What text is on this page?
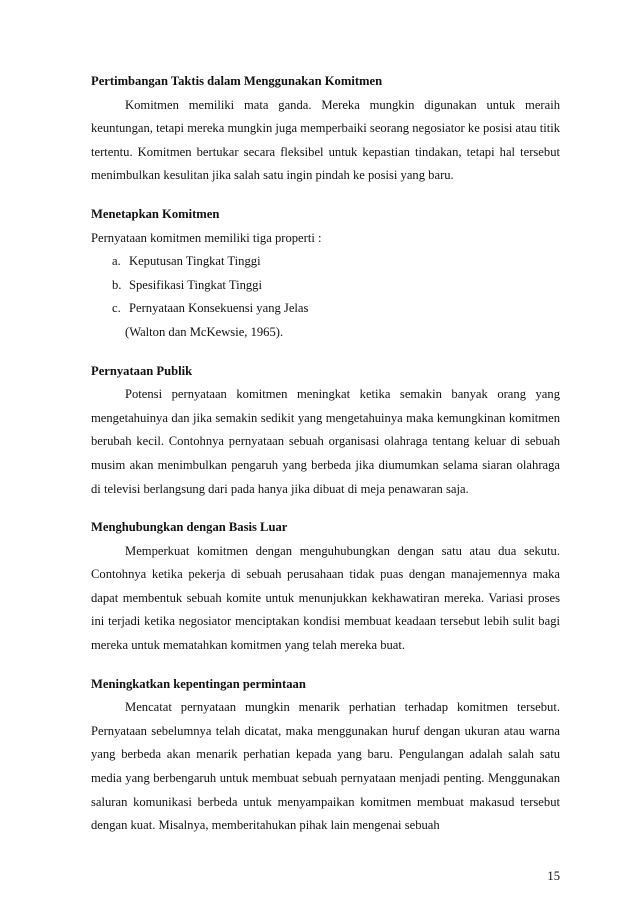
Pertimbangan Taktis dalam Menggunakan Komitmen
Komitmen memiliki mata ganda. Mereka mungkin digunakan untuk meraih keuntungan, tetapi mereka mungkin juga memperbaiki seorang negosiator ke posisi atau titik tertentu. Komitmen bertukar secara fleksibel untuk kepastian tindakan, tetapi hal tersebut menimbulkan kesulitan jika salah satu ingin pindah ke posisi yang baru.
Menetapkan Komitmen
Pernyataan komitmen memiliki tiga properti :
a. Keputusan Tingkat Tinggi
b. Spesifikasi Tingkat Tinggi
c. Pernyataan Konsekuensi yang Jelas
(Walton dan McKewsie, 1965).
Pernyataan Publik
Potensi pernyataan komitmen meningkat ketika semakin banyak orang yang mengetahuinya dan jika semakin sedikit yang mengetahuinya maka kemungkinan komitmen berubah kecil. Contohnya pernyataan sebuah organisasi olahraga tentang keluar di sebuah musim akan menimbulkan pengaruh yang berbeda jika diumumkan selama siaran olahraga di televisi berlangsung dari pada hanya jika dibuat di meja penawaran saja.
Menghubungkan dengan Basis Luar
Memperkuat komitmen dengan menguhubungkan dengan satu atau dua sekutu. Contohnya ketika pekerja di sebuah perusahaan tidak puas dengan manajemennya maka dapat membentuk sebuah komite untuk menunjukkan kekhawatiran mereka. Variasi proses ini terjadi ketika negosiator menciptakan kondisi membuat keadaan tersebut lebih sulit bagi mereka untuk mematahkan komitmen yang telah mereka buat.
Meningkatkan kepentingan permintaan
Mencatat pernyataan mungkin menarik perhatian terhadap komitmen tersebut. Pernyataan sebelumnya telah dicatat, maka menggunakan huruf dengan ukuran atau warna yang berbeda akan menarik perhatian kepada yang baru. Pengulangan adalah salah satu media yang berbengaruh untuk membuat sebuah pernyataan menjadi penting. Menggunakan saluran komunikasi berbeda untuk menyampaikan komitmen membuat makasud tersebut dengan kuat. Misalnya, memberitahukan pihak lain mengenai sebuah
15
